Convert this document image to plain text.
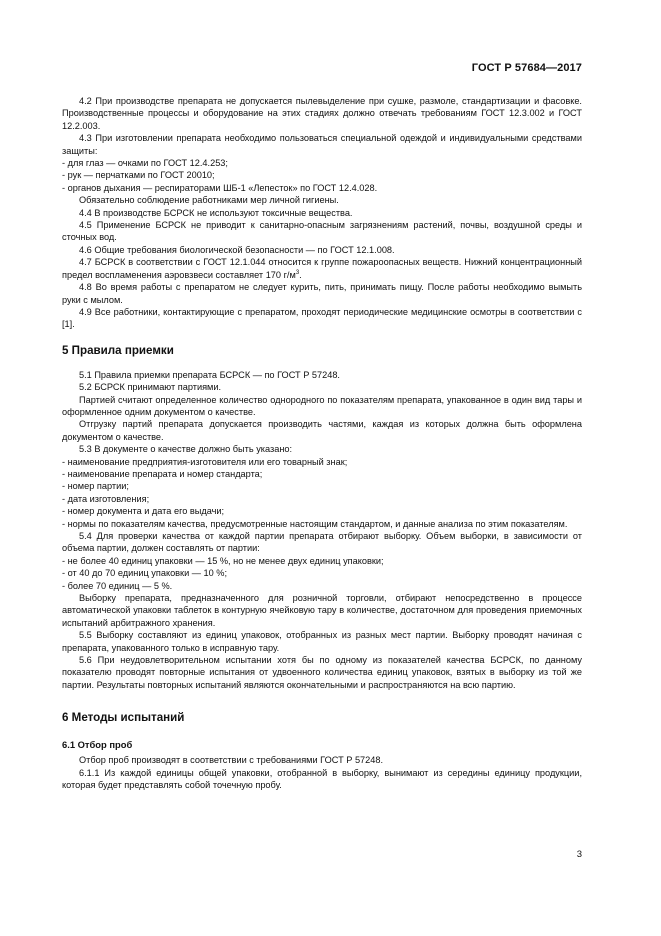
ГОСТ Р 57684—2017

4.2 При производстве препарата не допускается пылевыделение при сушке, размоле, стандартизации и фасовке. Производственные процессы и оборудование на этих стадиях должно отвечать требованиям ГОСТ 12.3.002 и ГОСТ 12.2.003.

4.3 При изготовлении препарата необходимо пользоваться специальной одеждой и индивидуальными средствами защиты:

- для глаз — очками по ГОСТ 12.4.253;

- рук — перчатками по ГОСТ 20010;

- органов дыхания — респираторами ШБ-1 «Лепесток» по ГОСТ 12.4.028.

Обязательно соблюдение работниками мер личной гигиены.

4.4 В производстве БСРСК не используют токсичные вещества.

4.5 Применение БСРСК не приводит к санитарно-опасным загрязнениям растений, почвы, воздушной среды и сточных вод.

4.6 Общие требования биологической безопасности — по ГОСТ 12.1.008.

4.7 БСРСК в соответствии с ГОСТ 12.1.044 относится к группе пожароопасных веществ. Нижний концентрационный предел воспламенения аэровзвеси составляет 170 $г/м^3$.

4.8 Во время работы с препаратом не следует курить, пить, принимать пищу. После работы необходимо вымыть руки с мылом.

4.9 Все работники, контактирующие с препаратом, проходят периодические медицинские осмотры в соответствии с [1].

5 Правила приемки

5.1 Правила приемки препарата БСРСК — по ГОСТ Р 57248.

5.2 БСРСК принимают партиями.

Партией считают определенное количество однородного по показателям препарата, упакованное в один вид тары и оформленное одним документом о качестве.

Отгрузку партий препарата допускается производить частями, каждая из которых должна быть оформлена документом о качестве.

5.3 В документе о качестве должно быть указано:

- наименование предприятия-изготовителя или его товарный знак;

- наименование препарата и номер стандарта;

- номер партии;

- дата изготовления;

- номер документа и дата его выдачи;

- нормы по показателям качества, предусмотренные настоящим стандартом, и данные анализа по этим показателям.

5.4 Для проверки качества от каждой партии препарата отбирают выборку. Объем выборки, в зависимости от объема партии, должен составлять от партии:

- не более 40 единиц упаковки — 15 %, но не менее двух единиц упаковки;

- от 40 до 70 единиц упаковки — 10 %;

- более 70 единиц — 5 %.

Выборку препарата, предназначенного для розничной торговли, отбирают непосредственно в процессе автоматической упаковки таблеток в контурную ячейковую тару в количестве, достаточном для проведения приемочных испытаний арбитражного хранения.

5.5 Выборку составляют из единиц упаковок, отобранных из разных мест партии. Выборку проводят начиная с препарата, упакованного только в исправную тару.

5.6 При неудовлетворительном испытании хотя бы по одному из показателей качества БСРСК, по данному показателю проводят повторные испытания от удвоенного количества единиц упаковок, взятых в выборку из той же партии. Результаты повторных испытаний являются окончательными и распространяются на всю партию.

6 Методы испытаний
6.1 Отбор проб

Отбор проб производят в соответствии с требованиями ГОСТ Р 57248.

6.1.1 Из каждой единицы общей упаковки, отобранной в выборку, вынимают из середины единицу продукции, которая будет представлять собой точечную пробу.

3
